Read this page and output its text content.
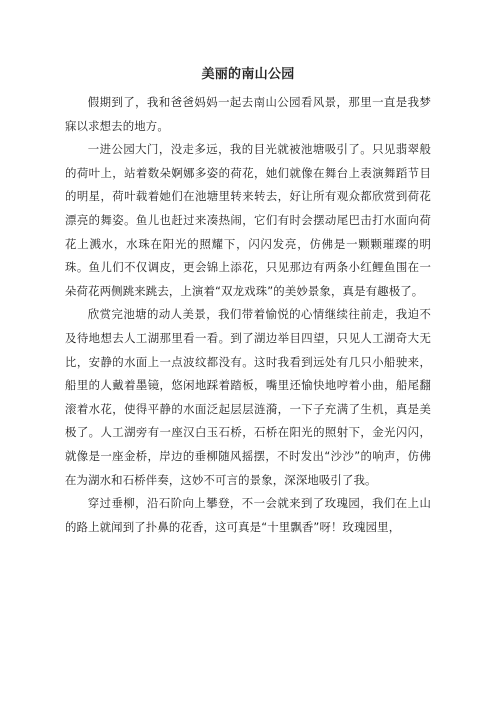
美丽的南山公园

假期到了，我和爸爸妈妈一起去南山公园看风景，那里一直是我梦寐以求想去的地方。

一进公园大门，没走多远，我的目光就被池塘吸引了。只见翡翠般的荷叶上，站着数朵婀娜多姿的荷花，她们就像在舞台上表演舞蹈节目的明星，荷叶载着她们在池塘里转来转去，好让所有观众都欣赏到荷花漂亮的舞姿。鱼儿也赶过来凑热闹，它们有时会摆动尾巴击打水面向荷花上溅水，水珠在阳光的照耀下，闪闪发亮，仿佛是一颗颗璀璨的明珠。鱼儿们不仅调皮，更会锦上添花，只见那边有两条小红鲤鱼围在一朵荷花两侧跳来跳去，上演着“双龙戏珠”的美妙景象，真是有趣极了。

欣赏完池塘的动人美景，我们带着愉悦的心情继续往前走，我迫不及待地想去人工湖那里看一看。到了湖边举目四望，只见人工湖奇大无比，安静的水面上一点波纹都没有。这时我看到远处有几只小船驶来，船里的人戴着墨镜，悠闲地踩着踏板，嘴里还愉快地哼着小曲，船尾翻滚着水花，使得平静的水面泛起层层涟漪，一下子充满了生机，真是美极了。人工湖旁有一座汉白玉石桥，石桥在阳光的照射下，金光闪闪，就像是一座金桥，岸边的垂柳随风摇摆，不时发出“沙沙”的响声，仿佛在为湖水和石桥伴奏，这妙不可言的景象，深深地吸引了我。

穿过垂柳，沿石阶向上攀登，不一会就来到了玫瑰园，我们在上山的路上就闻到了扑鼻的花香，这可真是“十里飘香”呀！玫瑰园里，
